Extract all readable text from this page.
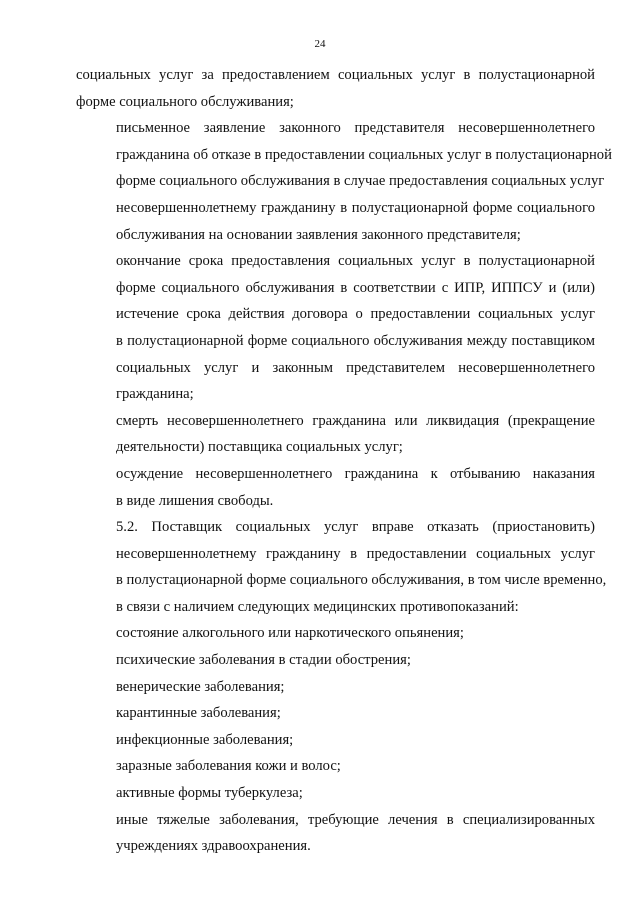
24

социальных услуг за предоставлением социальных услуг в полустационарной
форме социального обслуживания;

письменное заявление законного представителя несовершеннолетнего
гражданина об отказе в предоставлении социальных услуг в полустационарной
форме социального обслуживания в случае предоставления социальных услуг
несовершеннолетнему гражданину в полустационарной форме социального
обслуживания на основании заявления законного представителя;

окончание срока предоставления социальных услуг в полустационарной
форме социального обслуживания в соответствии с ИПР, ИППСУ и (или)
истечение срока действия договора о предоставлении социальных услуг
в полустационарной форме социального обслуживания между поставщиком
социальных услуг и законным представителем несовершеннолетнего
гражданина;

смерть несовершеннолетнего гражданина или ликвидация (прекращение
деятельности) поставщика социальных услуг;

осуждение несовершеннолетнего гражданина к отбыванию наказания
в виде лишения свободы.

5.2. Поставщик социальных услуг вправе отказать (приостановить)
несовершеннолетнему гражданину в предоставлении социальных услуг
в полустационарной форме социального обслуживания, в том числе временно,
в связи с наличием следующих медицинских противопоказаний:

состояние алкогольного или наркотического опьянения;

психические заболевания в стадии обострения;

венерические заболевания;

карантинные заболевания;

инфекционные заболевания;

заразные заболевания кожи и волос;

активные формы туберкулеза;

иные тяжелые заболевания, требующие лечения в специализированных
учреждениях здравоохранения.
